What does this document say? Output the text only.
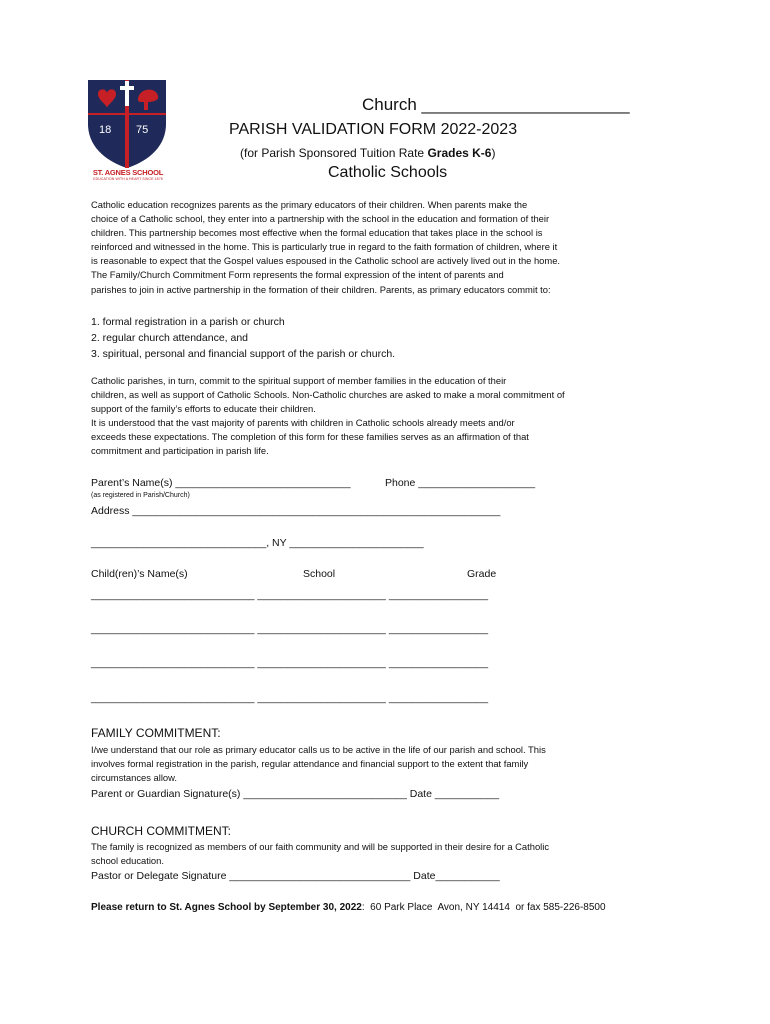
18 75
ST. AGNES SCHOOL
EDUCATION WITH A HEART SINCE 1875
Church ______________________
PARISH VALIDATION FORM 2022-2023
(for Parish Sponsored Tuition Rate Grades K-6)
Catholic Schools
Catholic education recognizes parents as the primary educators of their children. When parents make the
choice of a Catholic school, they enter into a partnership with the school in the education and formation of their
children. This partnership becomes most effective when the formal education that takes place in the school is
reinforced and witnessed in the home. This is particularly true in regard to the faith formation of children, where it
is reasonable to expect that the Gospel values espoused in the Catholic school are actively lived out in the home.
The Family/Church Commitment Form represents the formal expression of the intent of parents and
parishes to join in active partnership in the formation of their children. Parents, as primary educators commit to:
1. formal registration in a parish or church
2. regular church attendance, and
3. spiritual, personal and financial support of the parish or church.
Catholic parishes, in turn, commit to the spiritual support of member families in the education of their
children, as well as support of Catholic Schools. Non-Catholic churches are asked to make a moral commitment of
support of the family’s efforts to educate their children.
It is understood that the vast majority of parents with children in Catholic schools already meets and/or
exceeds these expectations. The completion of this form for these families serves as an affirmation of that
commitment and participation in parish life.
Parent’s Name(s) ______________________________	Phone ____________________
(as registered in Parish/Church)
Address _______________________________________________________________
______________________________, NY _______________________
Child(ren)’s Name(s)	School	Grade
____________________________ ______________________ _________________
____________________________ ______________________ _________________
____________________________ ______________________ _________________
____________________________ ______________________ _________________
FAMILY COMMITMENT:
I/we understand that our role as primary educator calls us to be active in the life of our parish and school. This
involves formal registration in the parish, regular attendance and financial support to the extent that family
circumstances allow.
Parent or Guardian Signature(s) ____________________________ Date ___________
CHURCH COMMITMENT:
The family is recognized as members of our faith community and will be supported in their desire for a Catholic
school education.
Pastor or Delegate Signature _______________________________ Date___________
Please return to St. Agnes School by September 30, 2022:  60 Park Place  Avon, NY 14414  or fax 585-226-8500
